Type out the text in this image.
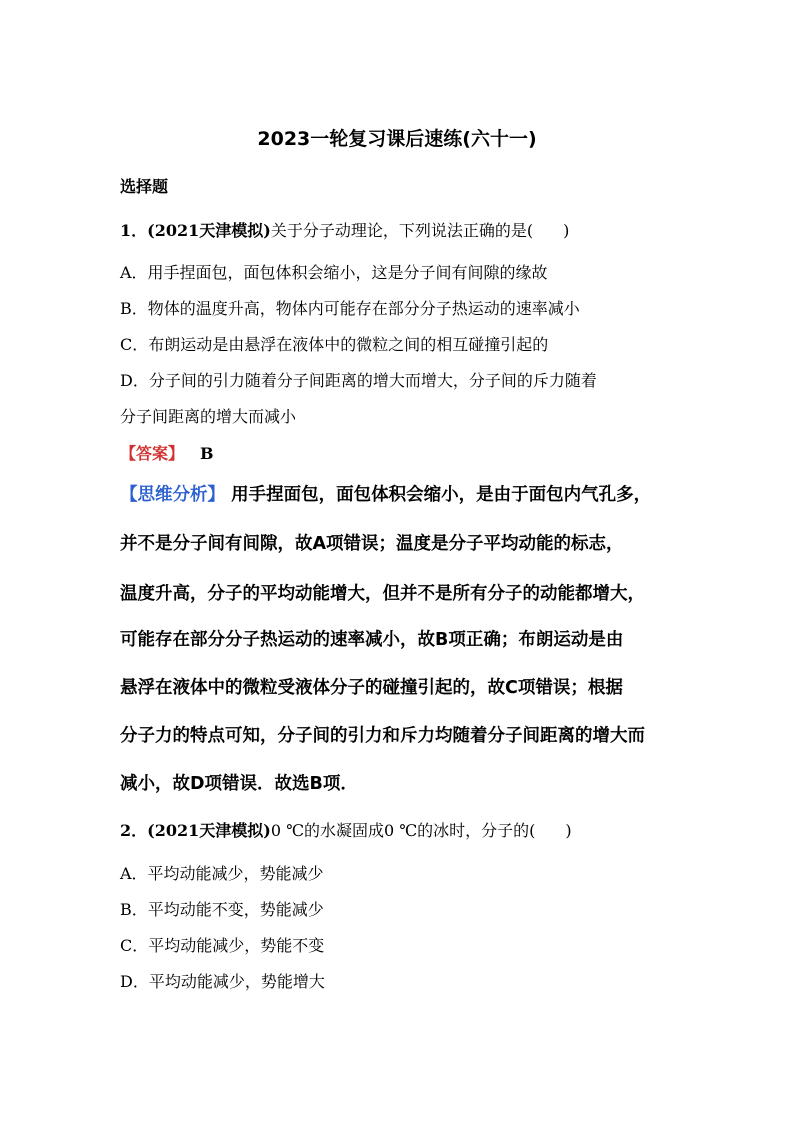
2023一轮复习课后速练(六十一)
选择题
1．(2021天津模拟)关于分子动理论，下列说法正确的是( )
A．用手捏面包，面包体积会缩小，这是分子间有间隙的缘故
B．物体的温度升高，物体内可能存在部分分子热运动的速率减小
C．布朗运动是由悬浮在液体中的微粒之间的相互碰撞引起的
D．分子间的引力随着分子间距离的增大而增大，分子间的斥力随着
分子间距离的增大而减小
【答案】 B
【思维分析】 用手捏面包，面包体积会缩小，是由于面包内气孔多，
并不是分子间有间隙，故A项错误；温度是分子平均动能的标志，
温度升高，分子的平均动能增大，但并不是所有分子的动能都增大，
可能存在部分分子热运动的速率减小，故B项正确；布朗运动是由
悬浮在液体中的微粒受液体分子的碰撞引起的，故C项错误；根据
分子力的特点可知，分子间的引力和斥力均随着分子间距离的增大而
减小，故D项错误．故选B项．
2．(2021天津模拟)0 ℃的水凝固成0 ℃的冰时，分子的( )
A．平均动能减少，势能减少
B．平均动能不变，势能减少
C．平均动能减少，势能不变
D．平均动能减少，势能增大
